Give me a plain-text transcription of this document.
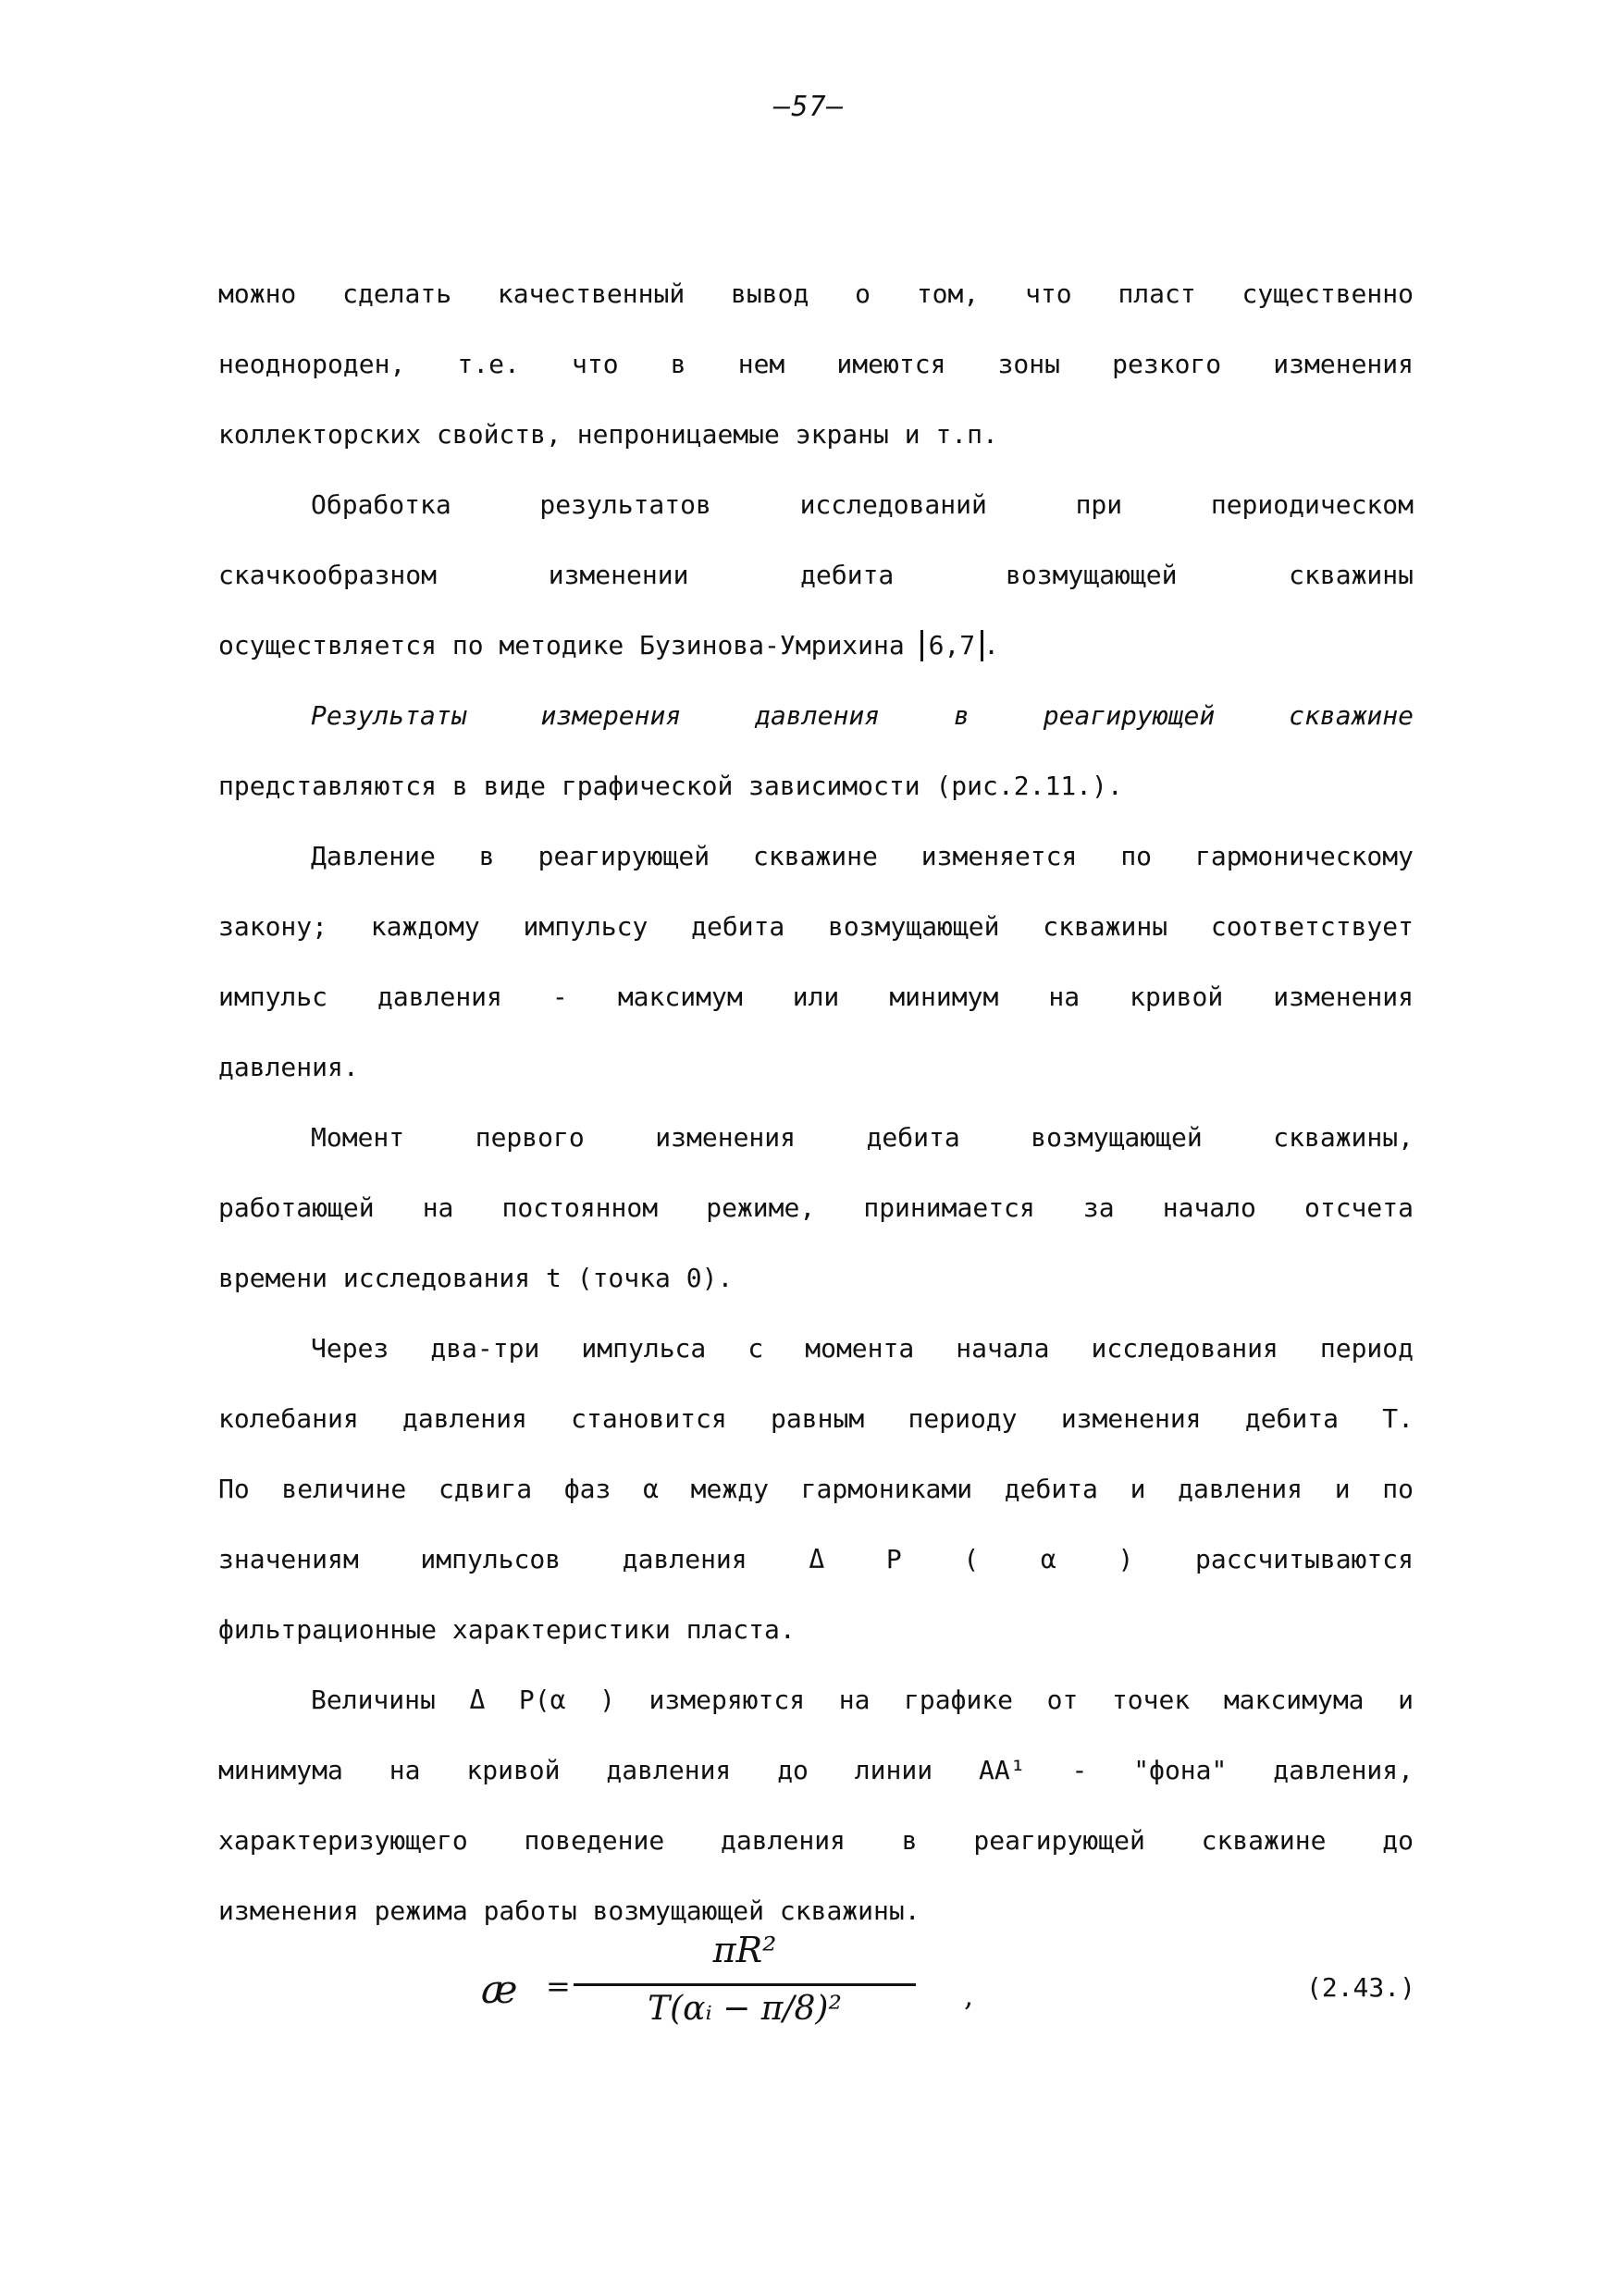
—57—
можно сделать качественный вывод о том, что пласт существенно
неоднороден, т.е. что в нем имеются зоны резкого изменения
коллекторских свойств, непроницаемые экраны и т.п.
Обработка результатов исследований при периодическом
скачкообразном изменении дебита возмущающей скважины
осуществляется по методике Бузинова-Умрихина 6,7 .
Результаты измерения давления в реагирующей скважине
представляются в виде графической зависимости (рис.2.11.).
Давление в реагирующей скважине изменяется по гармоническому
закону; каждому импульсу дебита возмущающей скважины соответствует
импульс давления - максимум или минимум на кривой изменения
давления.
Момент первого изменения дебита возмущающей скважины,
работающей на постоянном режиме, принимается за начало отсчета
времени исследования t (точка 0).
Через два-три импульса с момента начала исследования период
колебания давления становится равным периоду изменения дебита T.
По величине сдвига фаз α между гармониками дебита и давления и по
значениям импульсов давления Δ P ( α ) рассчитываются
фильтрационные характеристики пласта.
Величины Δ P(α ) измеряются на графике от точек максимума и
минимума на кривой давления до линии AA¹ - "фона" давления,
характеризующего поведение давления в реагирующей скважине до
изменения режима работы возмущающей скважины.
æ =
πR²
T(αᵢ − π/8)²	,	(2.43.)
